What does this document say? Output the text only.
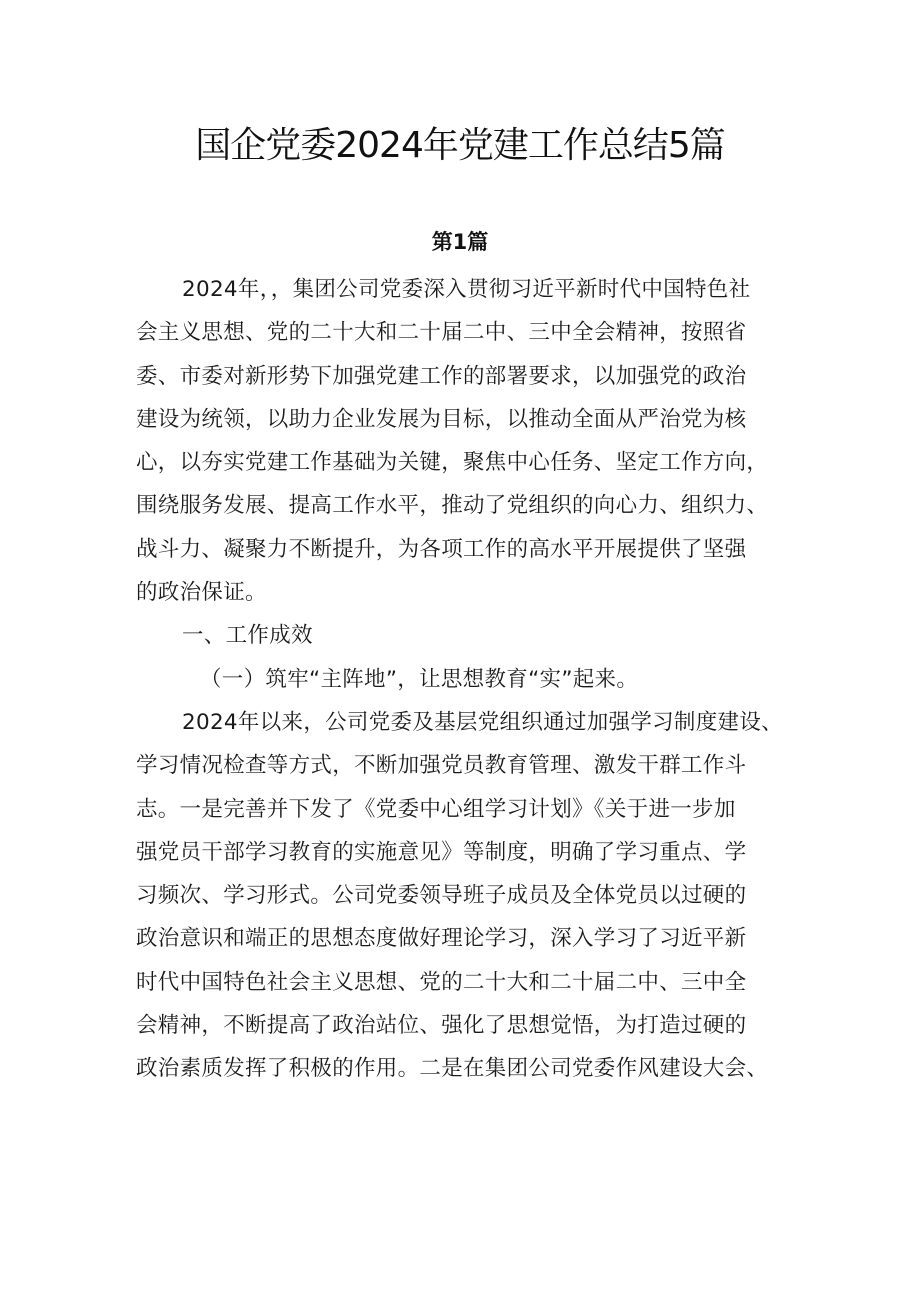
国企党委2024年党建工作总结5篇
第1篇
2024年，，集团公司党委深入贯彻习近平新时代中国特色社
会主义思想、党的二十大和二十届二中、三中全会精神，按照省
委、市委对新形势下加强党建工作的部署要求，以加强党的政治
建设为统领，以助力企业发展为目标，以推动全面从严治党为核
心，以夯实党建工作基础为关键，聚焦中心任务、坚定工作方向，
围绕服务发展、提高工作水平，推动了党组织的向心力、组织力、
战斗力、凝聚力不断提升，为各项工作的高水平开展提供了坚强
的政治保证。
一、工作成效
（一）筑牢“主阵地”，让思想教育“实”起来。
2024年以来，公司党委及基层党组织通过加强学习制度建设、
学习情况检查等方式，不断加强党员教育管理、激发干群工作斗
志。一是完善并下发了《党委中心组学习计划》《关于进一步加
强党员干部学习教育的实施意见》等制度，明确了学习重点、学
习频次、学习形式。公司党委领导班子成员及全体党员以过硬的
政治意识和端正的思想态度做好理论学习，深入学习了习近平新
时代中国特色社会主义思想、党的二十大和二十届二中、三中全
会精神，不断提高了政治站位、强化了思想觉悟，为打造过硬的
政治素质发挥了积极的作用。二是在集团公司党委作风建设大会、
